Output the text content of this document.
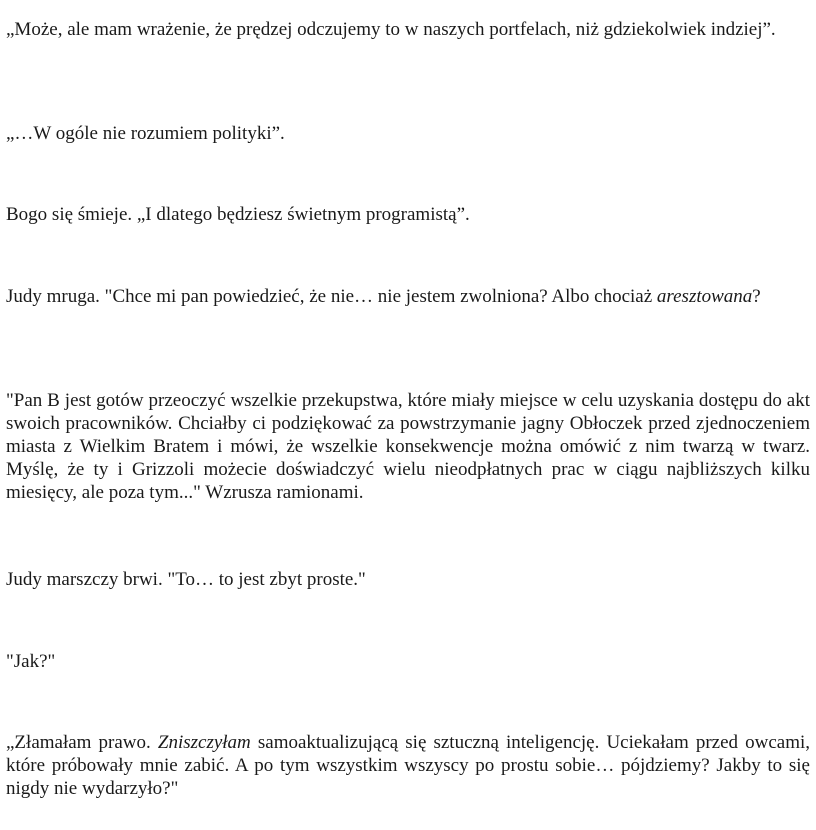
„Może, ale mam wrażenie, że prędzej odczujemy to w naszych portfelach, niż gdziekolwiek indziej”.

„…W ogóle nie rozumiem polityki”.

Bogo się śmieje. „I dlatego będziesz świetnym programistą”.

Judy mruga. "Chce mi pan powiedzieć, że nie… nie jestem zwolniona? Albo chociaż aresztowana?

"Pan B jest gotów przeoczyć wszelkie przekupstwa, które miały miejsce w celu uzyskania dostępu do akt swoich pracowników. Chciałby ci podziękować za powstrzymanie jagny Obłoczek przed zjednoczeniem miasta z Wielkim Bratem i mówi, że wszelkie konsekwencje można omówić z nim twarzą w twarz. Myślę, że ty i Grizzoli możecie doświadczyć wielu nieodpłatnych prac w ciągu najbliższych kilku miesięcy, ale poza tym..." Wzrusza ramionami.

Judy marszczy brwi. "To… to jest zbyt proste."

"Jak?"

„Złamałam prawo. Zniszczyłam samoaktualizującą się sztuczną inteligencję. Uciekałam przed owcami, które próbowały mnie zabić. A po tym wszystkim wszyscy po prostu sobie… pójdziemy? Jakby to się nigdy nie wydarzyło?"
